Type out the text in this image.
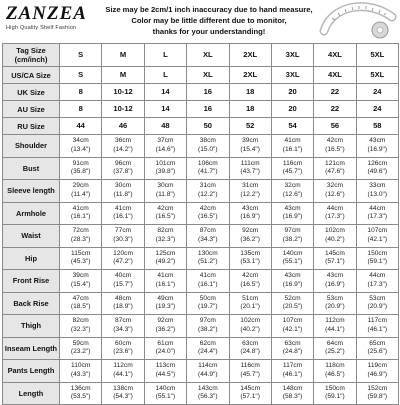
ZANZEA
High Quality Shelf Fashion
Size may be 2cm/1 inch inaccuracy due to hand measure,
Color may be little different due to monitor,
thanks for your understanding!
Tag Size
(cm/inch)	S	M	L	XL	2XL	3XL	4XL	5XL
US/CA Size	S	M	L	XL	2XL	3XL	4XL	5XL
UK Size	8	10-12	14	16	18	20	22	24
AU Size	8	10-12	14	16	18	20	22	24
RU Size	44	46	48	50	52	54	56	58
Shoulder	34cm
(13.4")	36cm
(14.2")	37cm
(14.6")	38cm
(15.0")	39cm
(15.4")	41cm
(16.1")	42cm
(16.5")	43cm
(16.9")

Bust	91cm
(35.8")	96cm
(37.8")	101cm
(39.8")	106cm
(41.7")	111cm
(43.7")	116cm
(45.7")	121cm
(47.6")	126cm
(49.6")

Sleeve length	29cm
(11.4")	30cm
(11.8")	30cm
(11.8")	31cm
(12.2")	31cm
(12.2")	32cm
(12.6")	32cm
(12.6")	33cm
(13.0")

Armhole	41cm
(16.1")	41cm
(16.1")	42cm
(16.5")	42cm
(16.5")	43cm
(16.9")	43cm
(16.9")	44cm
(17.3")	44cm
(17.3")

Waist	72cm
(28.3")	77cm
(30.3")	82cm
(32.3")	87cm
(34.3")	92cm
(36.2")	97cm
(38.2")	102cm
(40.2")	107cm
(42.1")

Hip	115cm
(45.3")	120cm
(47.2")	125cm
(49.2")	130cm
(51.2")	135cm
(53.1")	140cm
(55.1")	145cm
(57.1")	150cm
(59.1")

Front Rise	39cm
(15.4")	40cm
(15.7")	41cm
(16.1")	41cm
(16.1")	42cm
(16.5")	43cm
(16.9")	43cm
(16.9")	44cm
(17.3")

Back Rise	47cm
(18.5")	48cm
(18.9")	49cm
(19.3")	50cm
(19.7")	51cm
(20.1")	52cm
(20.5")	53cm
(20.9")	53cm
(20.9")

Thigh	82cm
(32.3")	87cm
(34.3")	92cm
(36.2")	97cm
(38.2")	102cm
(40.2")	107cm
(42.1")	112cm
(44.1")	117cm
(46.1")

Inseam Length	59cm
(23.2")	60cm
(23.6")	61cm
(24.0")	62cm
(24.4")	63cm
(24.8")	63cm
(24.8")	64cm
(25.2")	65cm
(25.6")

Pants Length	110cm
(43.3")	112cm
(44.1")	113cm
(44.5")	114cm
(44.9")	116cm
(45.7")	117cm
(46.1")	118cm
(46.5")	119cm
(46.9")

Length	136cm
(53.5")	138cm
(54.3")	140cm
(55.1")	143cm
(56.3")	145cm
(57.1")	148cm
(58.3")	150cm
(59.1")	152cm
(59.8")
